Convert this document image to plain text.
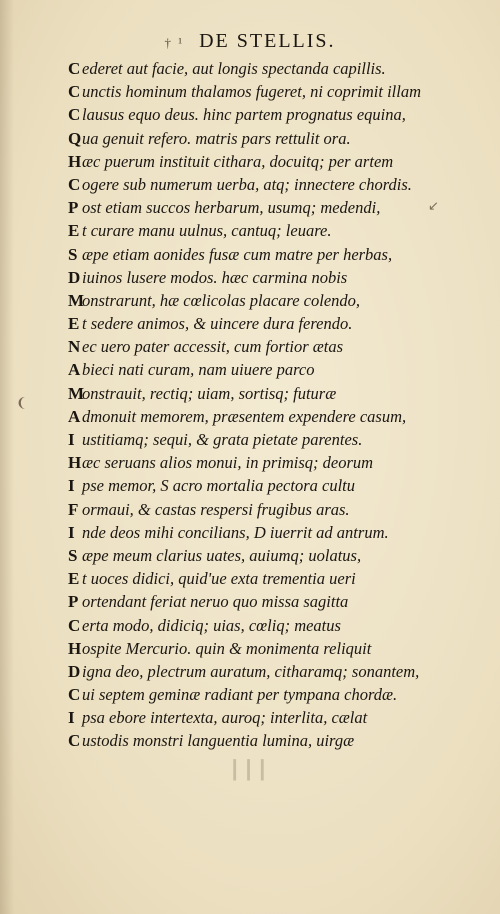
† ¹ DE STELLIS.
❨
↙
C ederet aut facie, aut longis spectanda capillis.
C unctis hominum thalamos fugeret, ni coprimit illam
C lausus equo deus. hinc partem prognatus equina,
Qua genuit refero. matris pars rettulit ora.
Hæc puerum instituit cithara, docuitq; per artem
C ogere sub numerum uerba, atq; innectere chordis.
P ost etiam succos herbarum, usumq; medendi,
E t curare manu uulnus, cantuq; leuare.
S æpe etiam aonides fusæ cum matre per herbas,
D iuinos lusere modos. hæc carmina nobis
Monstrarunt, hæ cœlicolas placare colendo,
E t sedere animos, & uincere dura ferendo.
N ec uero pater accessit, cum fortior ætas
A bieci nati curam, nam uiuere parco
Monstrauit, rectiq; uiam, sortisq; futuræ
A dmonuit memorem, præsentem expendere casum,
I ustitiamq; sequi, & grata pietate parentes.
Hæc seruans alios monui, in primisq; deorum
I pse memor, S acro mortalia pectora cultu
F ormaui, & castas respersi frugibus aras.
I nde deos mihi concilians, D iuerrit ad antrum.
S æpe meum clarius uates, auiumq; uolatus,
E t uoces didici, quid'ue exta trementia ueri
P ortendant feriat neruo quo missa sagitta
C erta modo, didiciq; uias, cœliq; meatus
Hospite Mercurio. quin & monimenta reliquit
D igna deo, plectrum auratum, citharamq; sonantem,
C ui septem geminæ radiant per tympana chordæ.
I psa ebore intertexta, auroq; interlita, cælat
C ustodis monstri languentia lumina, uirgæ
┃┃┃
